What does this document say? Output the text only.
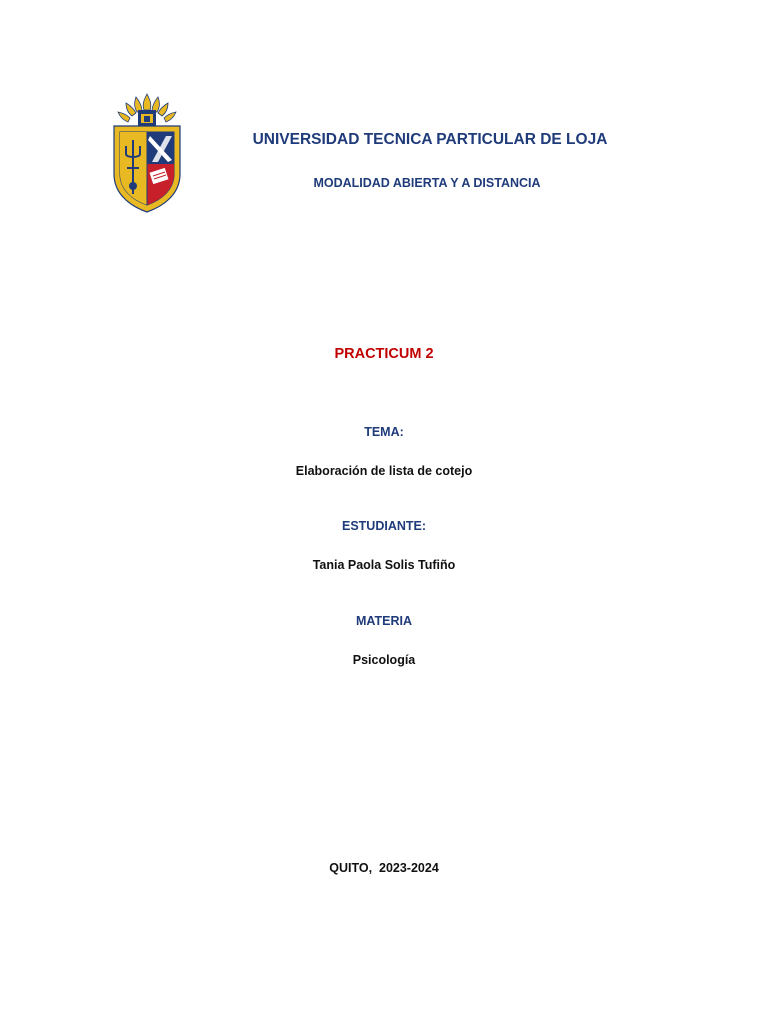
UNIVERSIDAD TECNICA PARTICULAR DE LOJA
MODALIDAD ABIERTA Y A DISTANCIA
PRACTICUM 2
TEMA:
Elaboración de lista de cotejo
ESTUDIANTE:
Tania Paola Solis Tufiño
MATERIA
Psicología
QUITO,  2023-2024
